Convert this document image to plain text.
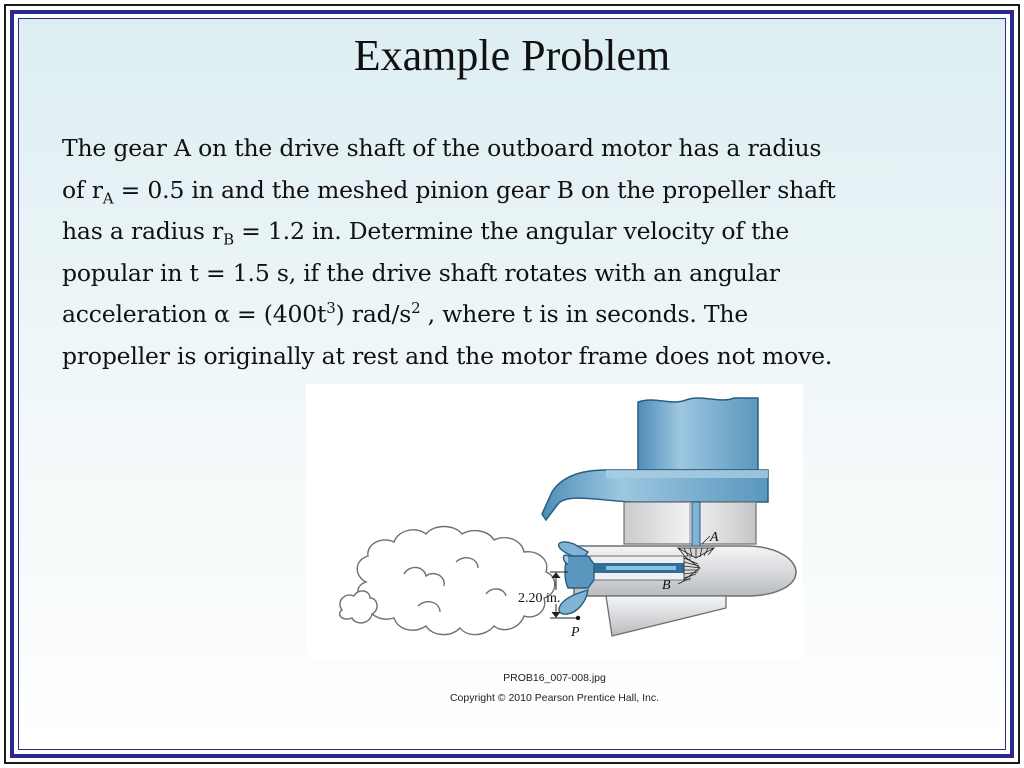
Example Problem
The gear A on the drive shaft of the outboard motor has a radius
of $r_A = 0.5$ in and the meshed pinion gear B on the propeller shaft
has a radius $r_B = 1.2$ in. Determine the angular velocity of the
popular in t = 1.5 s, if the drive shaft rotates with an angular
acceleration $\alpha = (400t^3)$ rad/$s^2$ , where t is in seconds. The
propeller is originally at rest and the motor frame does not move.
A
B
P
2.20 in.
PROB16_007-008.jpg
Copyright © 2010 Pearson Prentice Hall, Inc.
